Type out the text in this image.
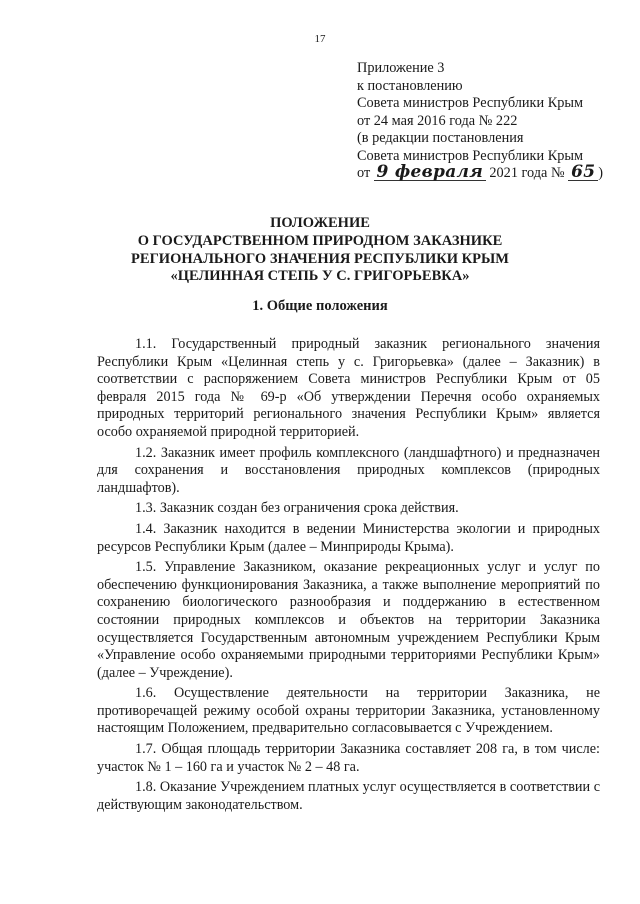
17
Приложение 3
к постановлению
Совета министров Республики Крым
от 24 мая 2016 года № 222
(в редакции постановления
Совета министров Республики Крым
от 9 февраля 2021 года № 65 )
ПОЛОЖЕНИЕ
О ГОСУДАРСТВЕННОМ ПРИРОДНОМ ЗАКАЗНИКЕ
РЕГИОНАЛЬНОГО ЗНАЧЕНИЯ РЕСПУБЛИКИ КРЫМ
«ЦЕЛИННАЯ СТЕПЬ У С. ГРИГОРЬЕВКА»
1. Общие положения

1.1. Государственный природный заказник регионального значения Республики Крым «Целинная степь у с. Григорьевка» (далее – Заказник) в соответствии с распоряжением Совета министров Республики Крым от 05 февраля 2015 года № 69-р «Об утверждении Перечня особо охраняемых природных территорий регионального значения Республики Крым» является особо охраняемой природной территорией.

1.2. Заказник имеет профиль комплексного (ландшафтного) и предназначен для сохранения и восстановления природных комплексов (природных ландшафтов).

1.3. Заказник создан без ограничения срока действия.

1.4. Заказник находится в ведении Министерства экологии и природных ресурсов Республики Крым (далее – Минприроды Крыма).

1.5. Управление Заказником, оказание рекреационных услуг и услуг по обеспечению функционирования Заказника, а также выполнение мероприятий по сохранению биологического разнообразия и поддержанию в естественном состоянии природных комплексов и объектов на территории Заказника осуществляется Государственным автономным учреждением Республики Крым «Управление особо охраняемыми природными территориями Республики Крым» (далее – Учреждение).

1.6. Осуществление деятельности на территории Заказника, не противоречащей режиму особой охраны территории Заказника, установленному настоящим Положением, предварительно согласовывается с Учреждением.

1.7. Общая площадь территории Заказника составляет 208 га, в том числе: участок № 1 – 160 га и участок № 2 – 48 га.

1.8. Оказание Учреждением платных услуг осуществляется в соответствии с действующим законодательством.
